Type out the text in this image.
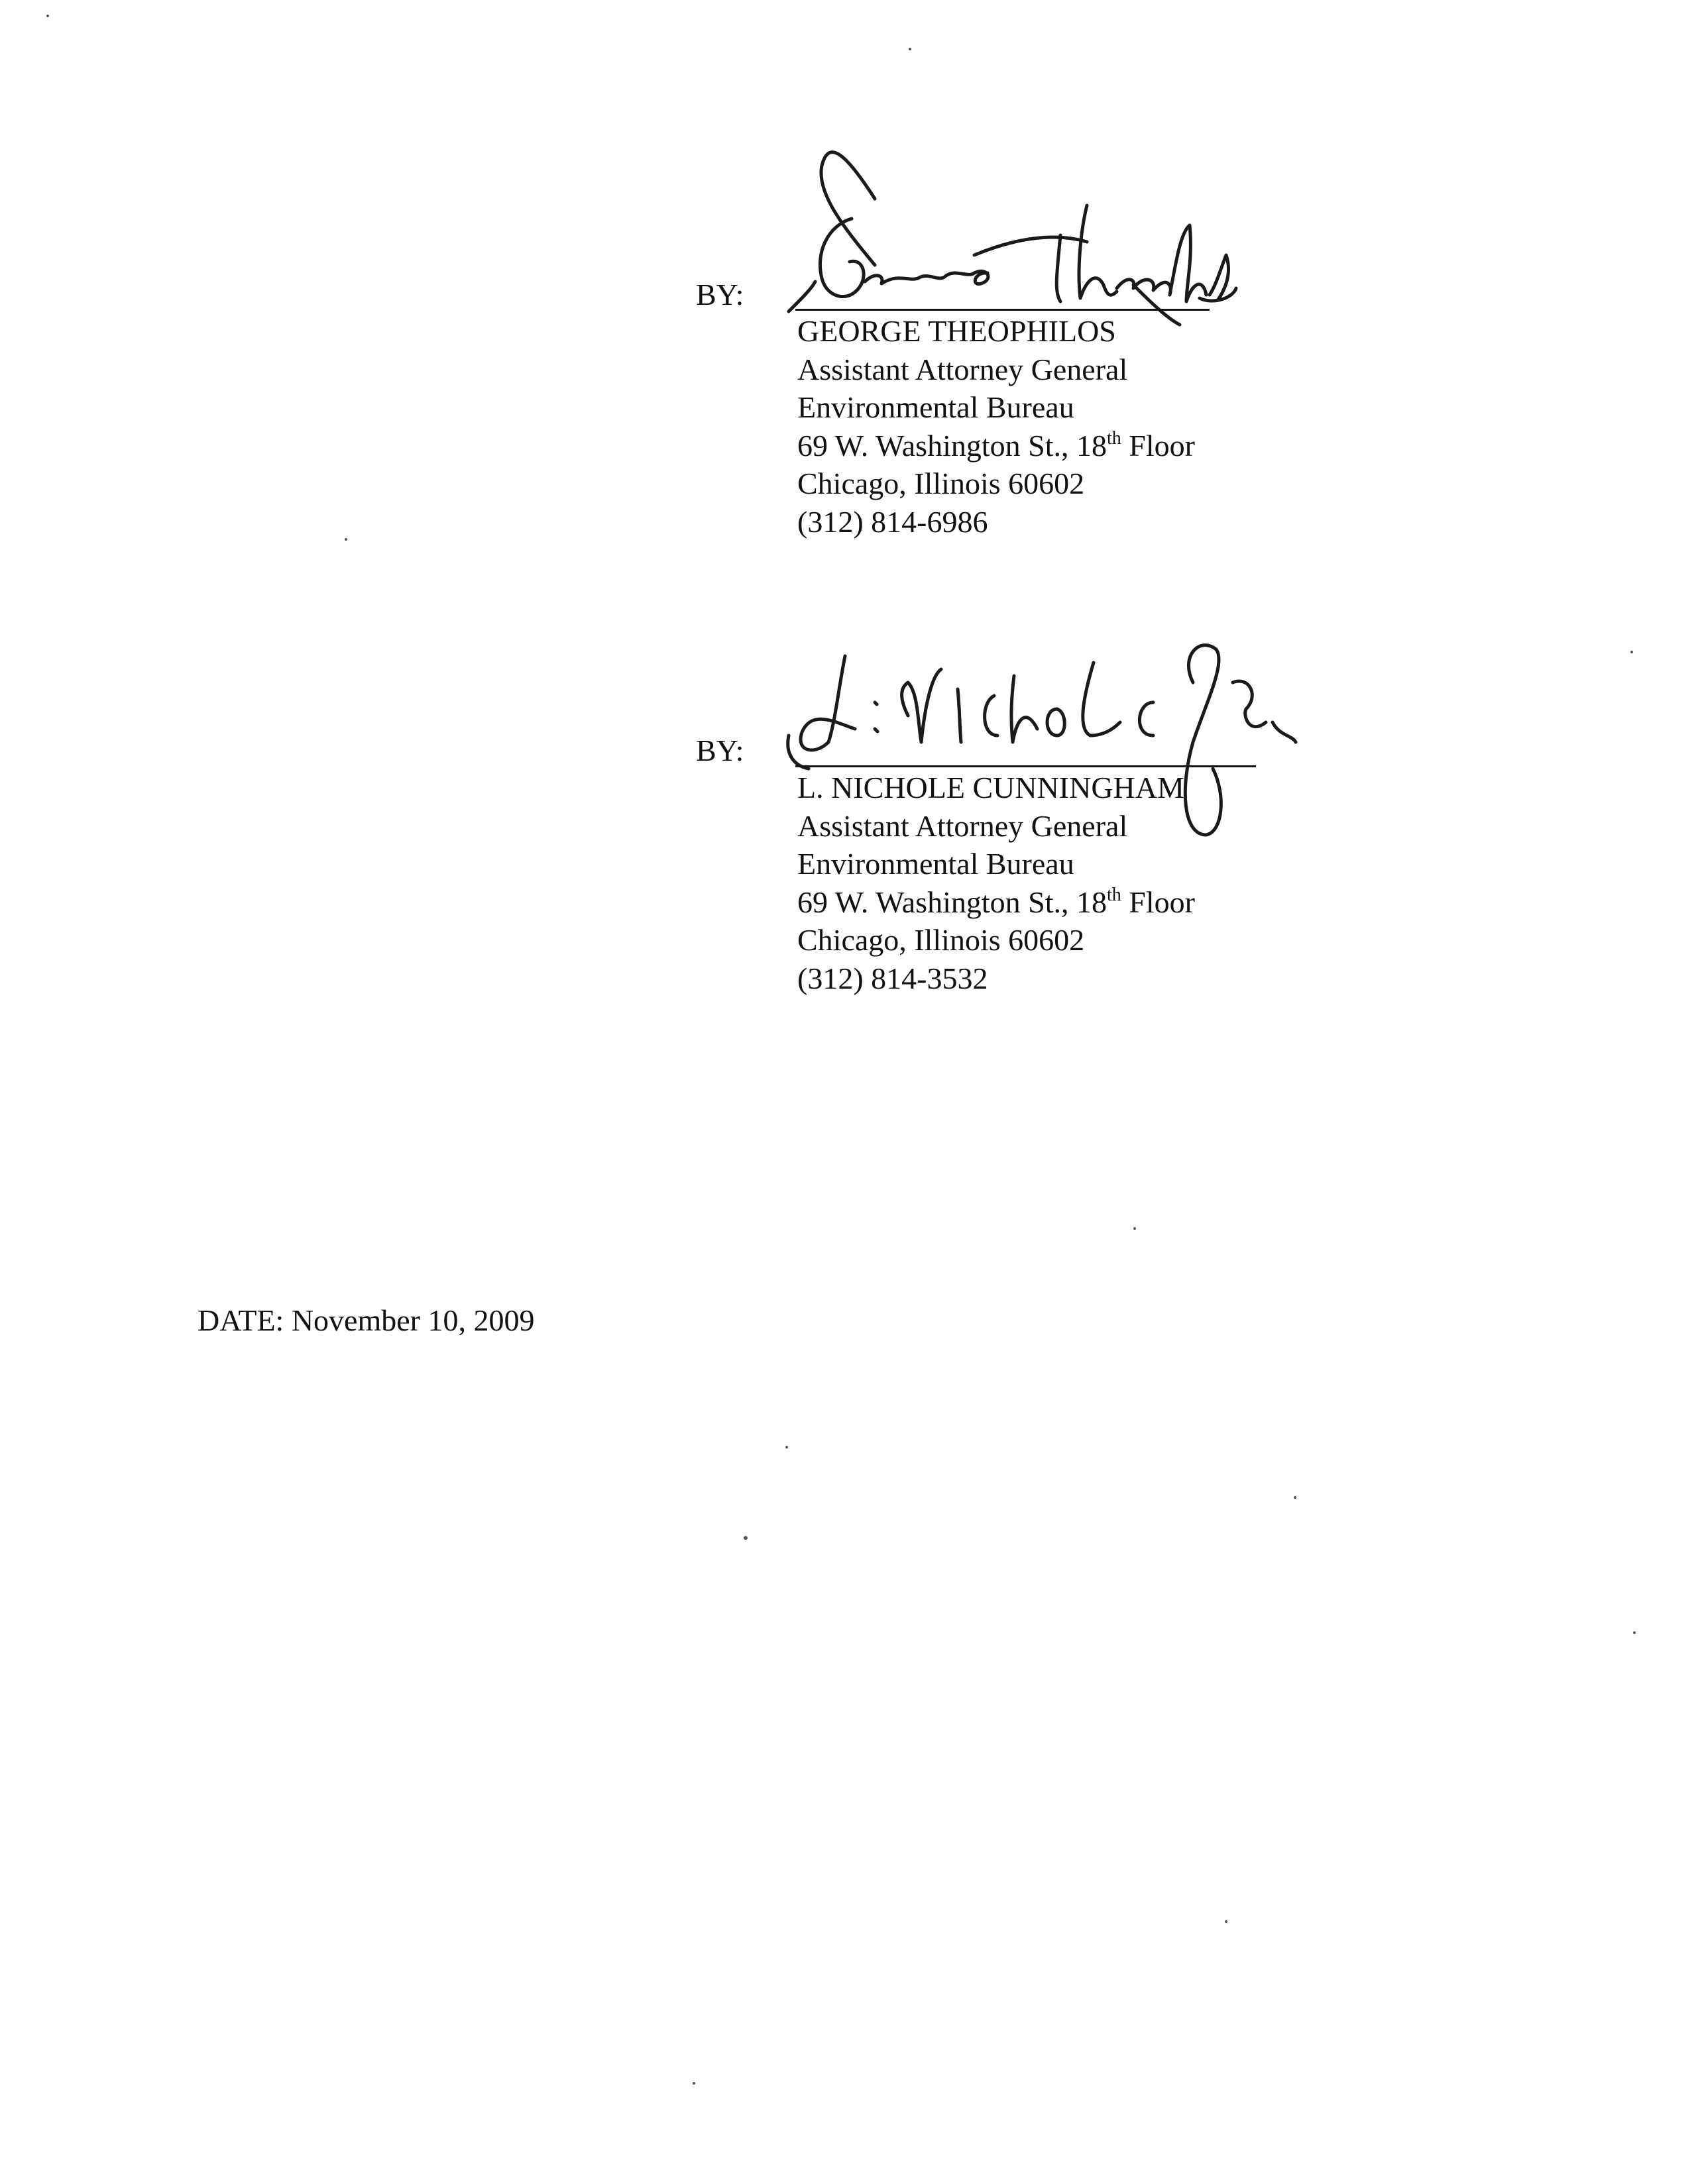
BY:
GEORGE THEOPHILOS
Assistant Attorney General
Environmental Bureau
69 W. Washington St., 18th Floor
Chicago, Illinois 60602
(312) 814-6986
BY:
L. NICHOLE CUNNINGHAM
Assistant Attorney General
Environmental Bureau
69 W. Washington St., 18th Floor
Chicago, Illinois 60602
(312) 814-3532
DATE: November 10, 2009
